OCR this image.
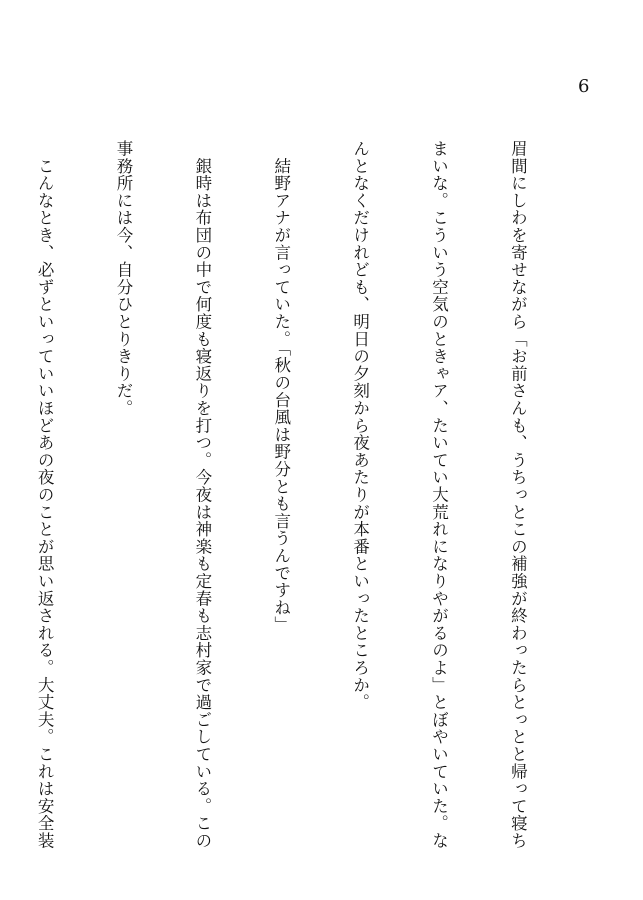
6

眉間にしわを寄せながら「お前さんも、うちっとこの補強が終わったらとっとと帰って寝ち

まいな。こういう空気のときゃア、たいてい大荒れになりやがるのよ」とぼやいていた。な

んとなくだけれども、明日の夕刻から夜あたりが本番といったところか。

　結野アナが言っていた。「秋の台風は野分とも言うんですね」

　銀時は布団の中で何度も寝返りを打つ。今夜は神楽も定春も志村家で過ごしている。この

事務所には今、自分ひとりきりだ。

　こんなとき、必ずといっていいほどあの夜のことが思い返される。大丈夫。これは安全装
